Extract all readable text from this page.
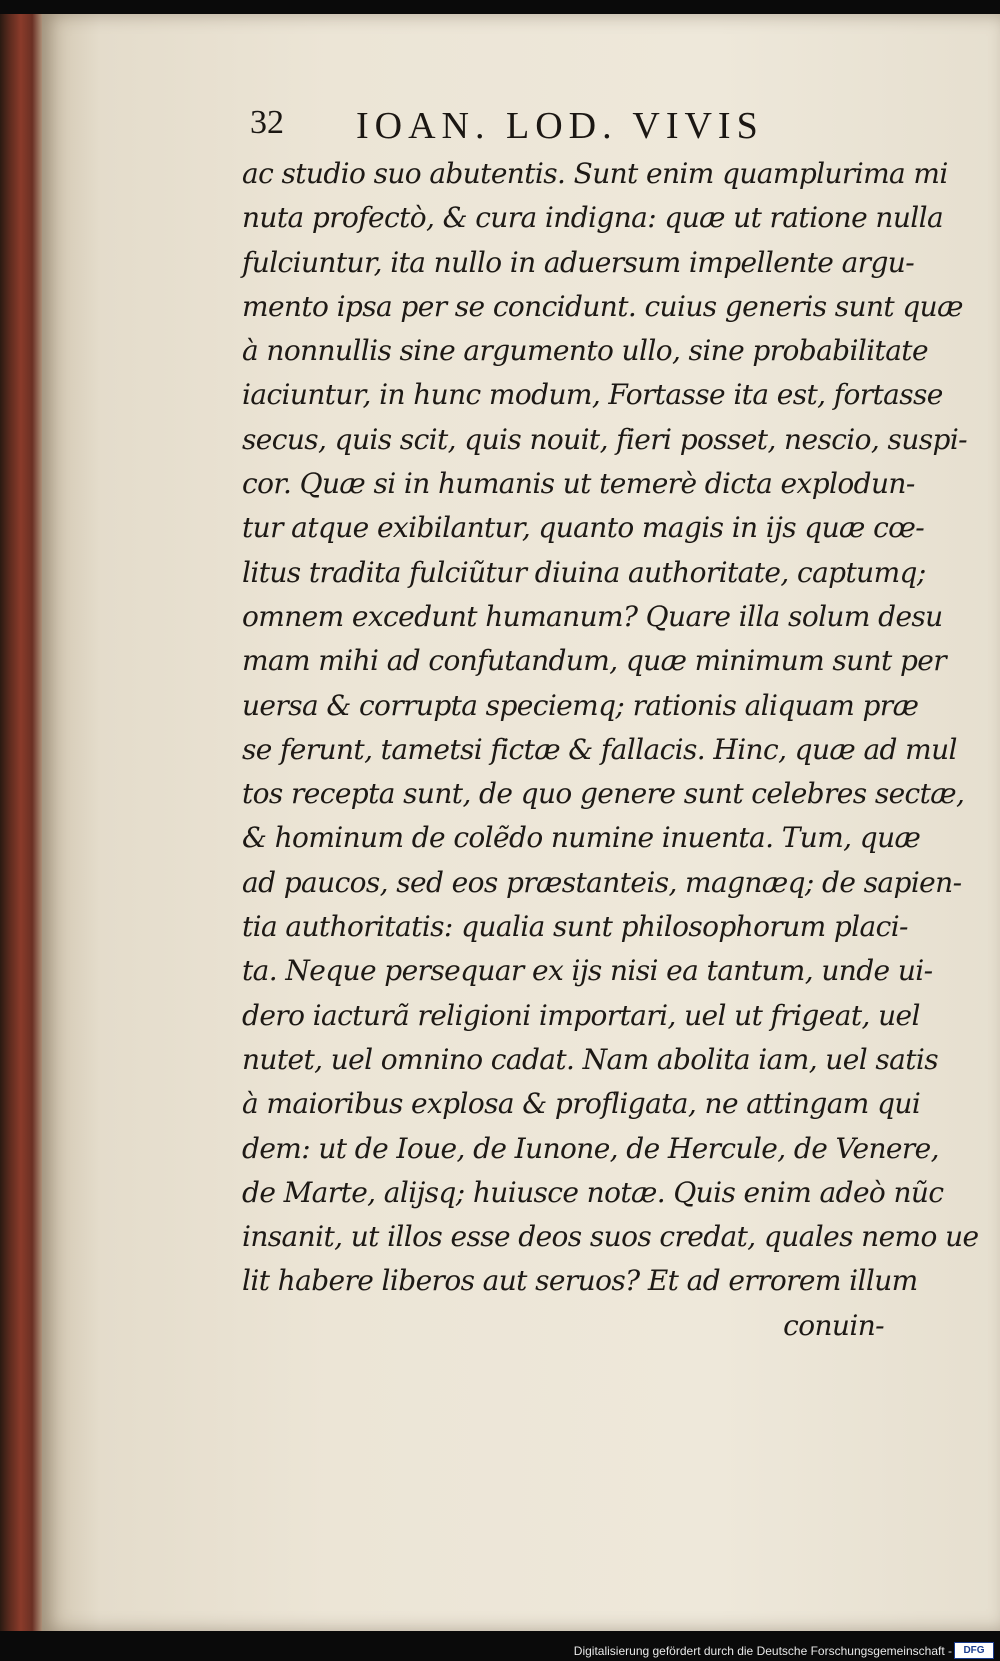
32 IOAN. LOD. VIVIS
ac studio suo abutentis. Sunt enim quamplurima mi
nuta profectò, & cura indigna: quæ ut ratione nulla
fulciuntur, ita nullo in aduersum impellente argu-
mento ipsa per se concidunt. cuius generis sunt quæ
à nonnullis sine argumento ullo, sine probabilitate
iaciuntur, in hunc modum, Fortasse ita est, fortasse
secus, quis scit, quis nouit, fieri posset, nescio, suspi-
cor. Quæ si in humanis ut temerè dicta explodun-
tur atque exibilantur, quanto magis in ijs quæ cœ-
litus tradita fulciũtur diuina authoritate, captumq;
omnem excedunt humanum? Quare illa solum desu
mam mihi ad confutandum, quæ minimum sunt per
uersa & corrupta speciemq; rationis aliquam præ
se ferunt, tametsi fictæ & fallacis. Hinc, quæ ad mul
tos recepta sunt, de quo genere sunt celebres sectæ,
& hominum de colẽdo numine inuenta. Tum, quæ
ad paucos, sed eos præstanteis, magnæq; de sapien-
tia authoritatis: qualia sunt philosophorum placi-
ta. Neque persequar ex ijs nisi ea tantum, unde ui-
dero iacturã religioni importari, uel ut frigeat, uel
nutet, uel omnino cadat. Nam abolita iam, uel satis
à maioribus explosa & profligata, ne attingam qui
dem: ut de Ioue, de Iunone, de Hercule, de Venere,
de Marte, alijsq; huiusce notæ. Quis enim adeò nũc
insanit, ut illos esse deos suos credat, quales nemo ue
lit habere liberos aut seruos? Et ad errorem illum
conuin-
Digitalisierung gefördert durch die Deutsche Forschungsgemeinschaft -	DFG
